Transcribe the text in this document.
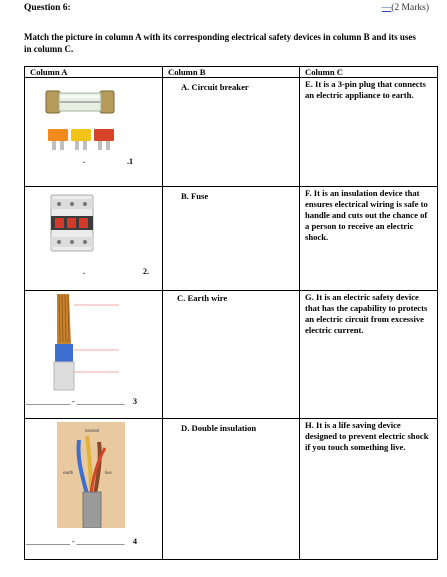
Question 6:	—(2 Marks)
Match the picture in column A with its corresponding electrical safety devices in column B and its uses in column C.
Column A	Column B	Column C

. .1	A. Circuit breaker	E. It is a 3-pin plug that connects an electric appliance to earth.

. 2.	B. Fuse	F. It is an insulation device that ensures electrical wiring is safe to handle and cuts out the chance of a person to receive an electric shock.

___________ - ____________ 3	C. Earth wire	G. It is an electric safety device that has the capability to protects an electric circuit from excessive electric current.

neutral
earth live
___________ - ____________ 4	D. Double insulation	H. It is a life saving device designed to prevent electric shock if you touch something live.
